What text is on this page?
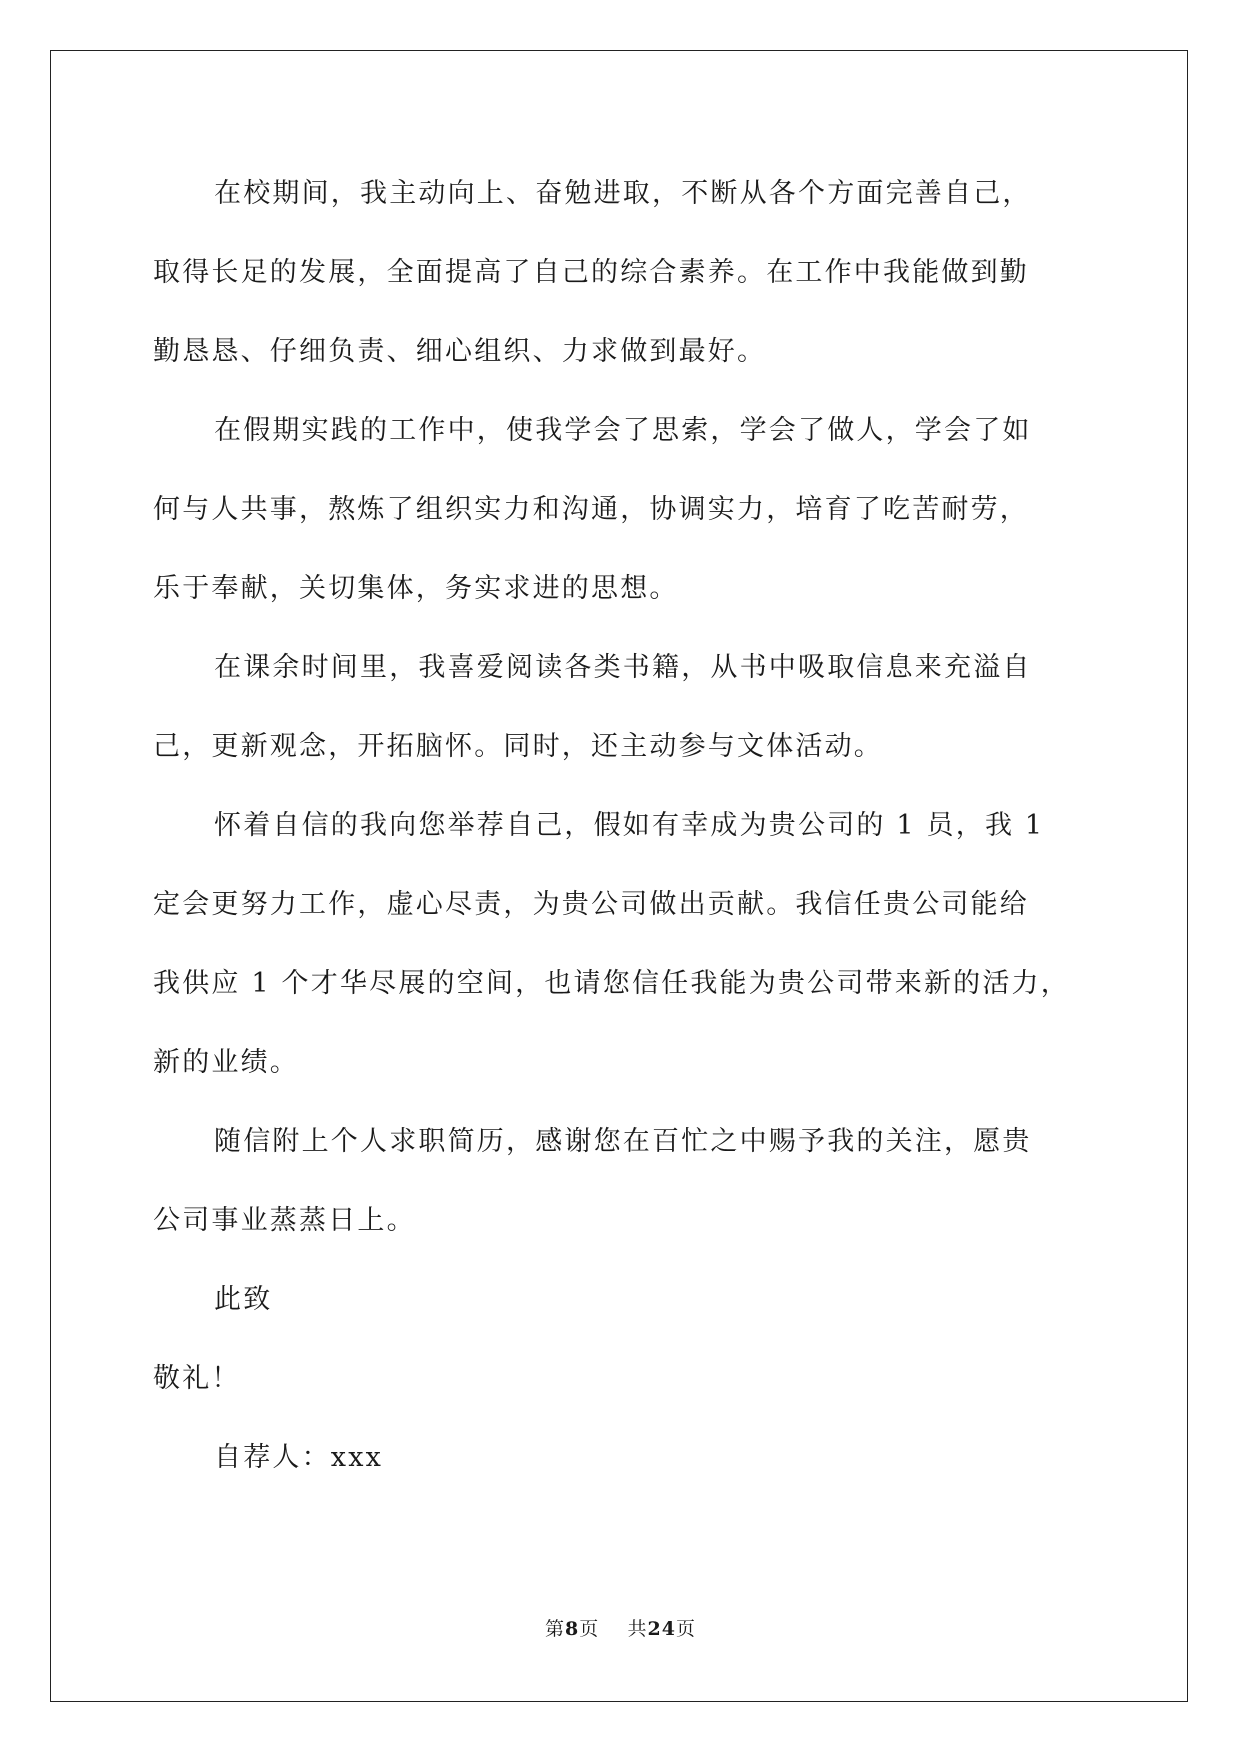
在校期间，我主动向上、奋勉进取，不断从各个方面完善自己，
取得长足的发展，全面提高了自己的综合素养。在工作中我能做到勤
勤恳恳、仔细负责、细心组织、力求做到最好。
在假期实践的工作中，使我学会了思索，学会了做人，学会了如
何与人共事，熬炼了组织实力和沟通，协调实力，培育了吃苦耐劳，
乐于奉献，关切集体，务实求进的思想。
在课余时间里，我喜爱阅读各类书籍，从书中吸取信息来充溢自
己，更新观念，开拓脑怀。同时，还主动参与文体活动。
怀着自信的我向您举荐自己，假如有幸成为贵公司的 1 员，我 1
定会更努力工作，虚心尽责，为贵公司做出贡献。我信任贵公司能给
我供应 1 个才华尽展的空间，也请您信任我能为贵公司带来新的活力，
新的业绩。
随信附上个人求职简历，感谢您在百忙之中赐予我的关注，愿贵
公司事业蒸蒸日上。
此致
敬礼！
自荐人：xxx
第8页 共24页
